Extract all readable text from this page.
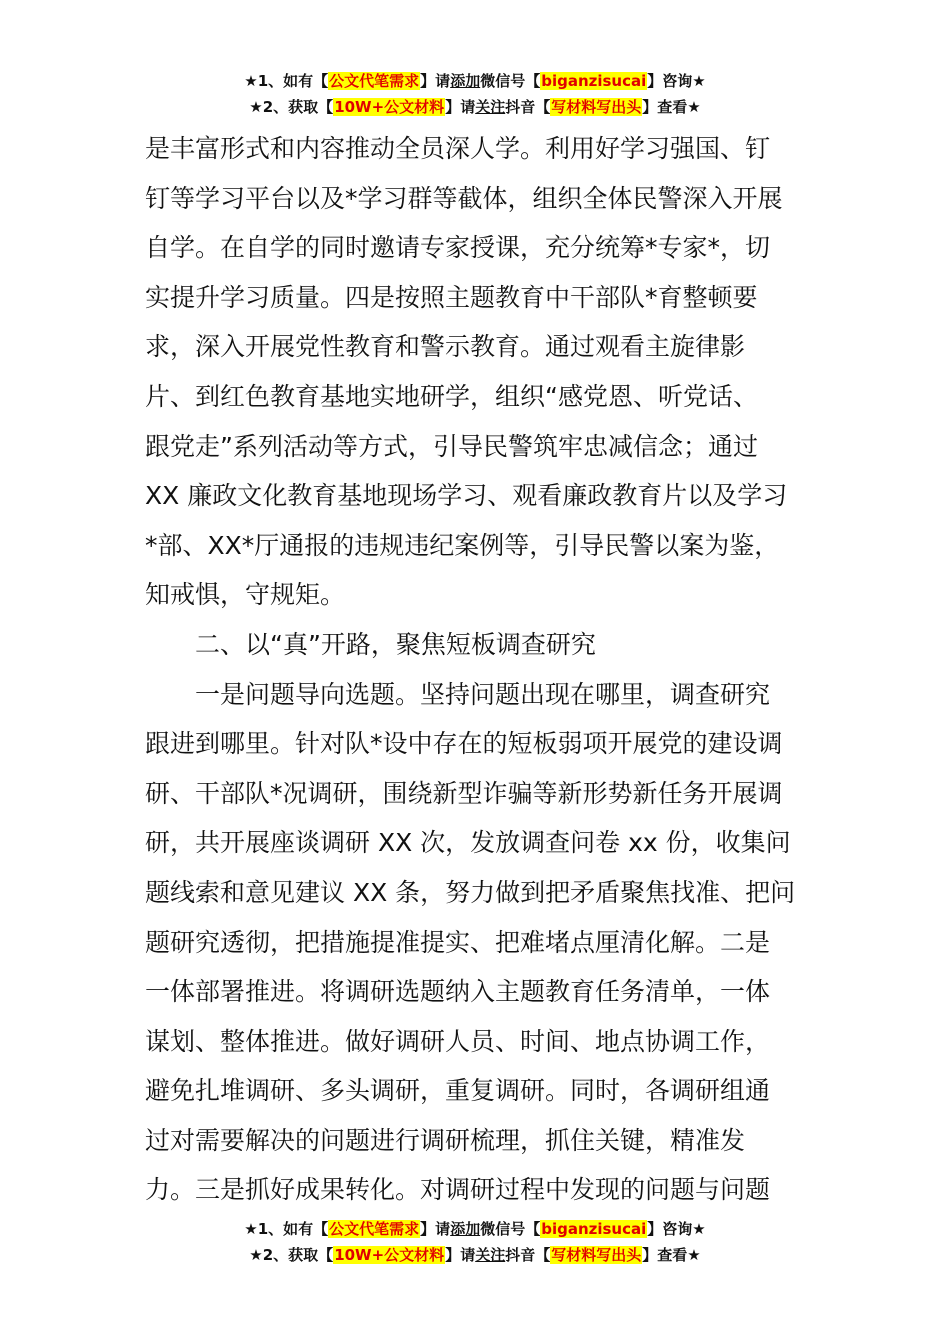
★1、如有【公文代笔需求】请添加微信号【biganzisucai】咨询★
★2、获取【10W+公文材料】请关注抖音【写材料写出头】查看★
是丰富形式和内容推动全员深人学。利用好学习强国、钉
钉等学习平台以及*学习群等截体，组织全体民警深入开展
自学。在自学的同时邀请专家授课，充分统筹*专家*，切
实提升学习质量。四是按照主题教育中干部队*育整顿要
求，深入开展党性教育和警示教育。通过观看主旋律影
片、到红色教育基地实地研学，组织“感党恩、听党话、
跟党走”系列活动等方式，引导民警筑牢忠减信念；通过
XX 廉政文化教育基地现场学习、观看廉政教育片以及学习
*部、XX*厅通报的违规违纪案例等，引导民警以案为鉴，
知戒惧，守规矩。
二、以“真”开路，聚焦短板调查研究
一是问题导向选题。坚持问题出现在哪里，调查研究
跟进到哪里。针对队*设中存在的短板弱项开展党的建设调
研、干部队*况调研，围绕新型诈骗等新形势新任务开展调
研，共开展座谈调研 XX 次，发放调查问卷 xx 份，收集问
题线索和意见建议 XX 条，努力做到把矛盾聚焦找准、把问
题研究透彻，把措施提准提实、把难堵点厘清化解。二是
一体部署推进。将调研选题纳入主题教育任务清单，一体
谋划、整体推进。做好调研人员、时间、地点协调工作，
避免扎堆调研、多头调研，重复调研。同时，各调研组通
过对需要解决的问题进行调研梳理，抓住关键，精准发
力。三是抓好成果转化。对调研过程中发现的问题与问题
★1、如有【公文代笔需求】请添加微信号【biganzisucai】咨询★
★2、获取【10W+公文材料】请关注抖音【写材料写出头】查看★
